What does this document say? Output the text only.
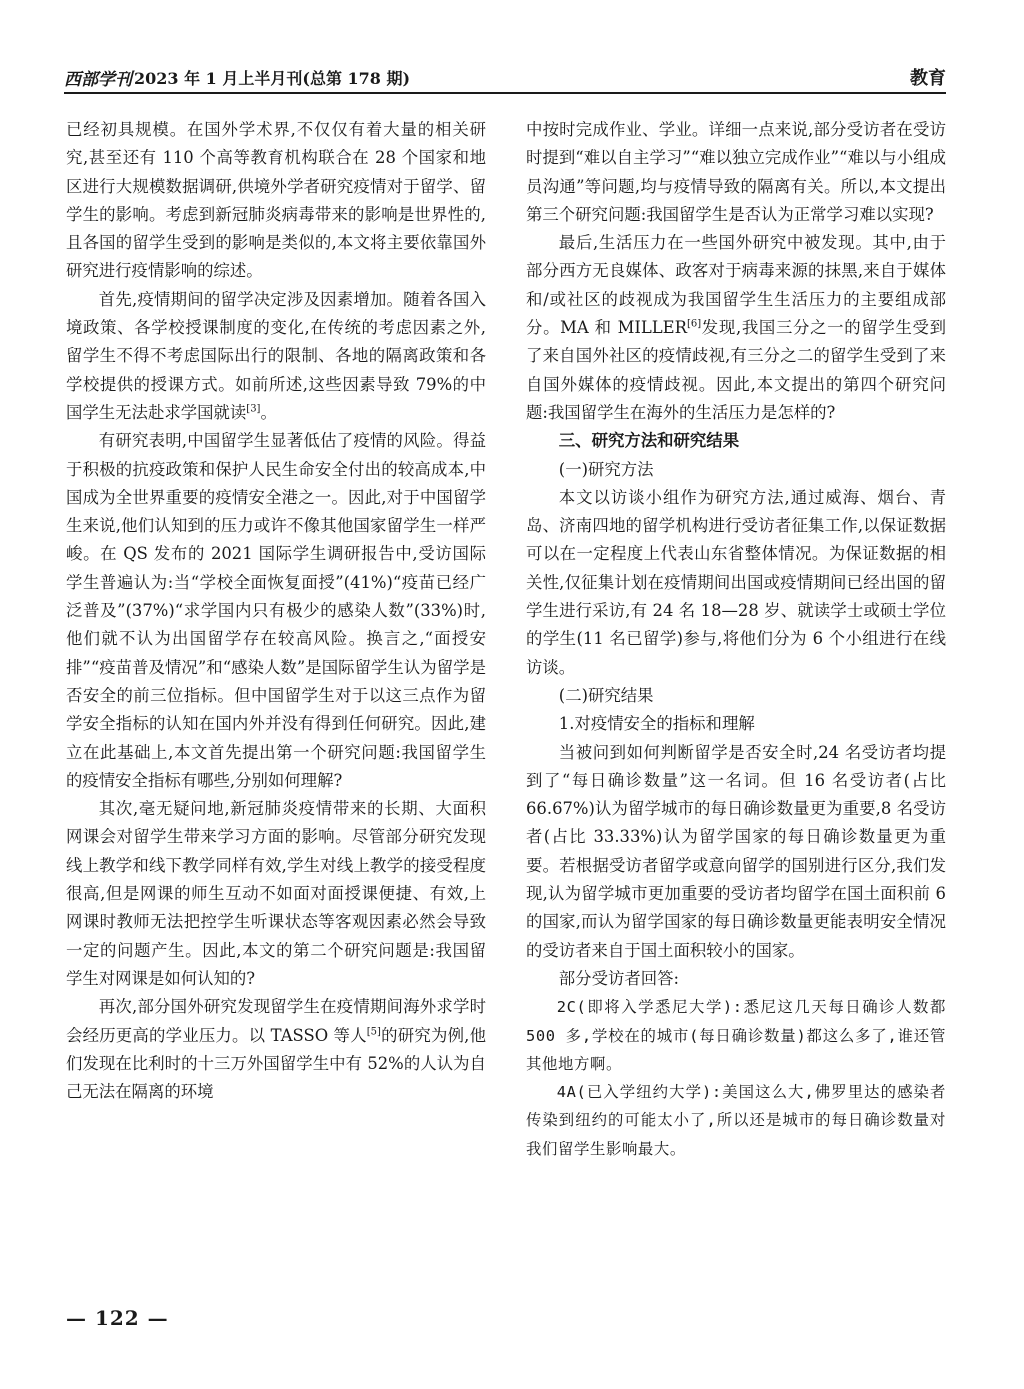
西部学刊 2023 年 1 月上半月刊(总第 178 期)	教育

已经初具规模。在国外学术界,不仅仅有着大量的相关研究,甚至还有 110 个高等教育机构联合在 28 个国家和地区进行大规模数据调研,供境外学者研究疫情对于留学、留学生的影响。考虑到新冠肺炎病毒带来的影响是世界性的,且各国的留学生受到的影响是类似的,本文将主要依靠国外研究进行疫情影响的综述。

首先,疫情期间的留学决定涉及因素增加。随着各国入境政策、各学校授课制度的变化,在传统的考虑因素之外,留学生不得不考虑国际出行的限制、各地的隔离政策和各学校提供的授课方式。如前所述,这些因素导致 79%的中国学生无法赴求学国就读[3]。

有研究表明,中国留学生显著低估了疫情的风险。得益于积极的抗疫政策和保护人民生命安全付出的较高成本,中国成为全世界重要的疫情安全港之一。因此,对于中国留学生来说,他们认知到的压力或许不像其他国家留学生一样严峻。在 QS 发布的 2021 国际学生调研报告中,受访国际学生普遍认为:当“学校全面恢复面授”(41%)“疫苗已经广泛普及”(37%)“求学国内只有极少的感染人数”(33%)时,他们就不认为出国留学存在较高风险。换言之,“面授安排”“疫苗普及情况”和“感染人数”是国际留学生认为留学是否安全的前三位指标。但中国留学生对于以这三点作为留学安全指标的认知在国内外并没有得到任何研究。因此,建立在此基础上,本文首先提出第一个研究问题:我国留学生的疫情安全指标有哪些,分别如何理解?

其次,毫无疑问地,新冠肺炎疫情带来的长期、大面积网课会对留学生带来学习方面的影响。尽管部分研究发现线上教学和线下教学同样有效,学生对线上教学的接受程度很高,但是网课的师生互动不如面对面授课便捷、有效,上网课时教师无法把控学生听课状态等客观因素必然会导致一定的问题产生。因此,本文的第二个研究问题是:我国留学生对网课是如何认知的?

再次,部分国外研究发现留学生在疫情期间海外求学时会经历更高的学业压力。以 TASSO 等人[5]的研究为例,他们发现在比利时的十三万外国留学生中有 52%的人认为自己无法在隔离的环境

中按时完成作业、学业。详细一点来说,部分受访者在受访时提到“难以自主学习”“难以独立完成作业”“难以与小组成员沟通”等问题,均与疫情导致的隔离有关。所以,本文提出第三个研究问题:我国留学生是否认为正常学习难以实现?

最后,生活压力在一些国外研究中被发现。其中,由于部分西方无良媒体、政客对于病毒来源的抹黑,来自于媒体和/或社区的歧视成为我国留学生生活压力的主要组成部分。MA 和 MILLER[6]发现,我国三分之一的留学生受到了来自国外社区的疫情歧视,有三分之二的留学生受到了来自国外媒体的疫情歧视。因此,本文提出的第四个研究问题:我国留学生在海外的生活压力是怎样的?

三、研究方法和研究结果

(一)研究方法

本文以访谈小组作为研究方法,通过威海、烟台、青岛、济南四地的留学机构进行受访者征集工作,以保证数据可以在一定程度上代表山东省整体情况。为保证数据的相关性,仅征集计划在疫情期间出国或疫情期间已经出国的留学生进行采访,有 24 名 18—28 岁、就读学士或硕士学位的学生(11 名已留学)参与,将他们分为 6 个小组进行在线访谈。

(二)研究结果

1.对疫情安全的指标和理解

当被问到如何判断留学是否安全时,24 名受访者均提到了“每日确诊数量”这一名词。但 16 名受访者(占比 66.67%)认为留学城市的每日确诊数量更为重要,8 名受访者(占比 33.33%)认为留学国家的每日确诊数量更为重要。若根据受访者留学或意向留学的国别进行区分,我们发现,认为留学城市更加重要的受访者均留学在国土面积前 6 的国家,而认为留学国家的每日确诊数量更能表明安全情况的受访者来自于国土面积较小的国家。

部分受访者回答:

2C(即将入学悉尼大学):悉尼这几天每日确诊人数都 500 多,学校在的城市(每日确诊数量)都这么多了,谁还管其他地方啊。

4A(已入学纽约大学):美国这么大,佛罗里达的感染者传染到纽约的可能太小了,所以还是城市的每日确诊数量对我们留学生影响最大。

— 122 —
